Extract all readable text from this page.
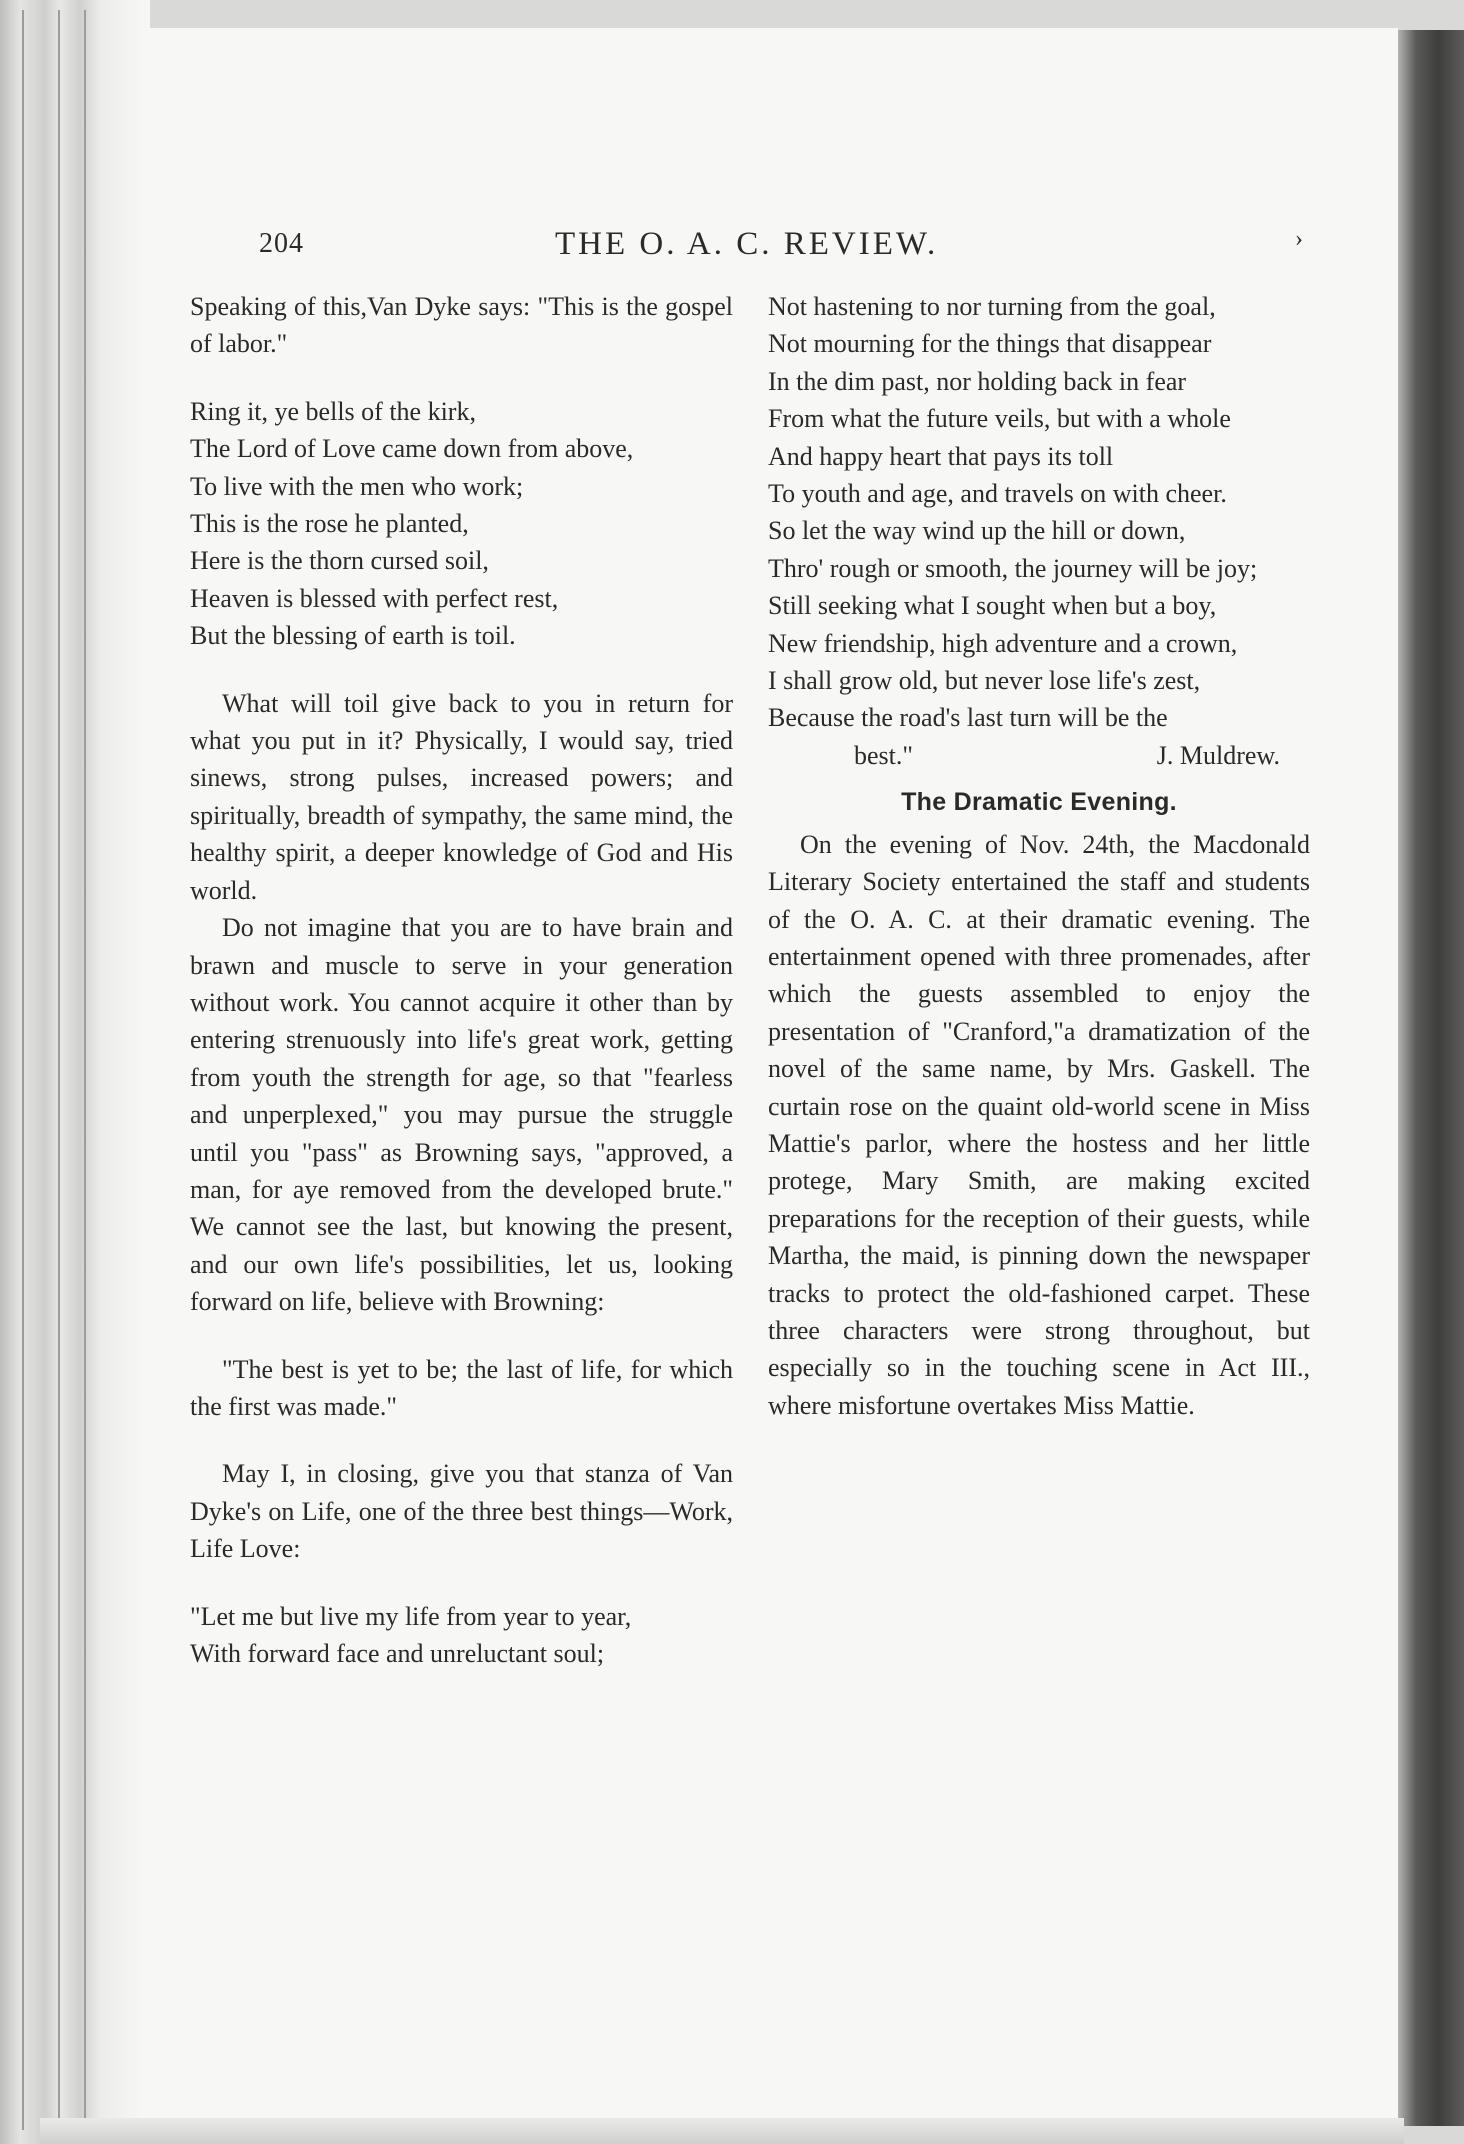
204	THE O. A. C. REVIEW.	›
Speaking of this,Van Dyke says: "This is the gospel of labor."
Ring it, ye bells of the kirk,
The Lord of Love came down from above,
To live with the men who work;
This is the rose he planted,
Here is the thorn cursed soil,
Heaven is blessed with perfect rest,
But the blessing of earth is toil.
What will toil give back to you in return for what you put in it? Physically, I would say, tried sinews, strong pulses, increased powers; and spiritually, breadth of sympathy, the same mind, the healthy spirit, a deeper knowledge of God and His world.
Do not imagine that you are to have brain and brawn and muscle to serve in your generation without work. You cannot acquire it other than by entering strenuously into life's great work, getting from youth the strength for age, so that "fearless and unperplexed," you may pursue the struggle until you "pass" as Browning says, "approved, a man, for aye removed from the developed brute." We cannot see the last, but knowing the present, and our own life's possibilities, let us, looking forward on life, believe with Browning:
"The best is yet to be; the last of life, for which the first was made."
May I, in closing, give you that stanza of Van Dyke's on Life, one of the three best things—Work, Life Love:
"Let me but live my life from year to year,
With forward face and unreluctant soul;
Not hastening to nor turning from the goal,
Not mourning for the things that disappear
In the dim past, nor holding back in fear
From what the future veils, but with a whole
And happy heart that pays its toll
To youth and age, and travels on with cheer.
So let the way wind up the hill or down,
Thro' rough or smooth, the journey will be joy;
Still seeking what I sought when but a boy,
New friendship, high adventure and a crown,
I shall grow old, but never lose life's zest,
Because the road's last turn will be the
best."	J. Muldrew.
The Dramatic Evening.
On the evening of Nov. 24th, the Macdonald Literary Society entertained the staff and students of the O. A. C. at their dramatic evening. The entertainment opened with three promenades, after which the guests assembled to enjoy the presentation of "Cranford,"a dramatization of the novel of the same name, by Mrs. Gaskell. The curtain rose on the quaint old-world scene in Miss Mattie's parlor, where the hostess and her little protege, Mary Smith, are making excited preparations for the reception of their guests, while Martha, the maid, is pinning down the newspaper tracks to protect the old-fashioned carpet. These three characters were strong throughout, but especially so in the touching scene in Act III., where misfortune overtakes Miss Mattie.
